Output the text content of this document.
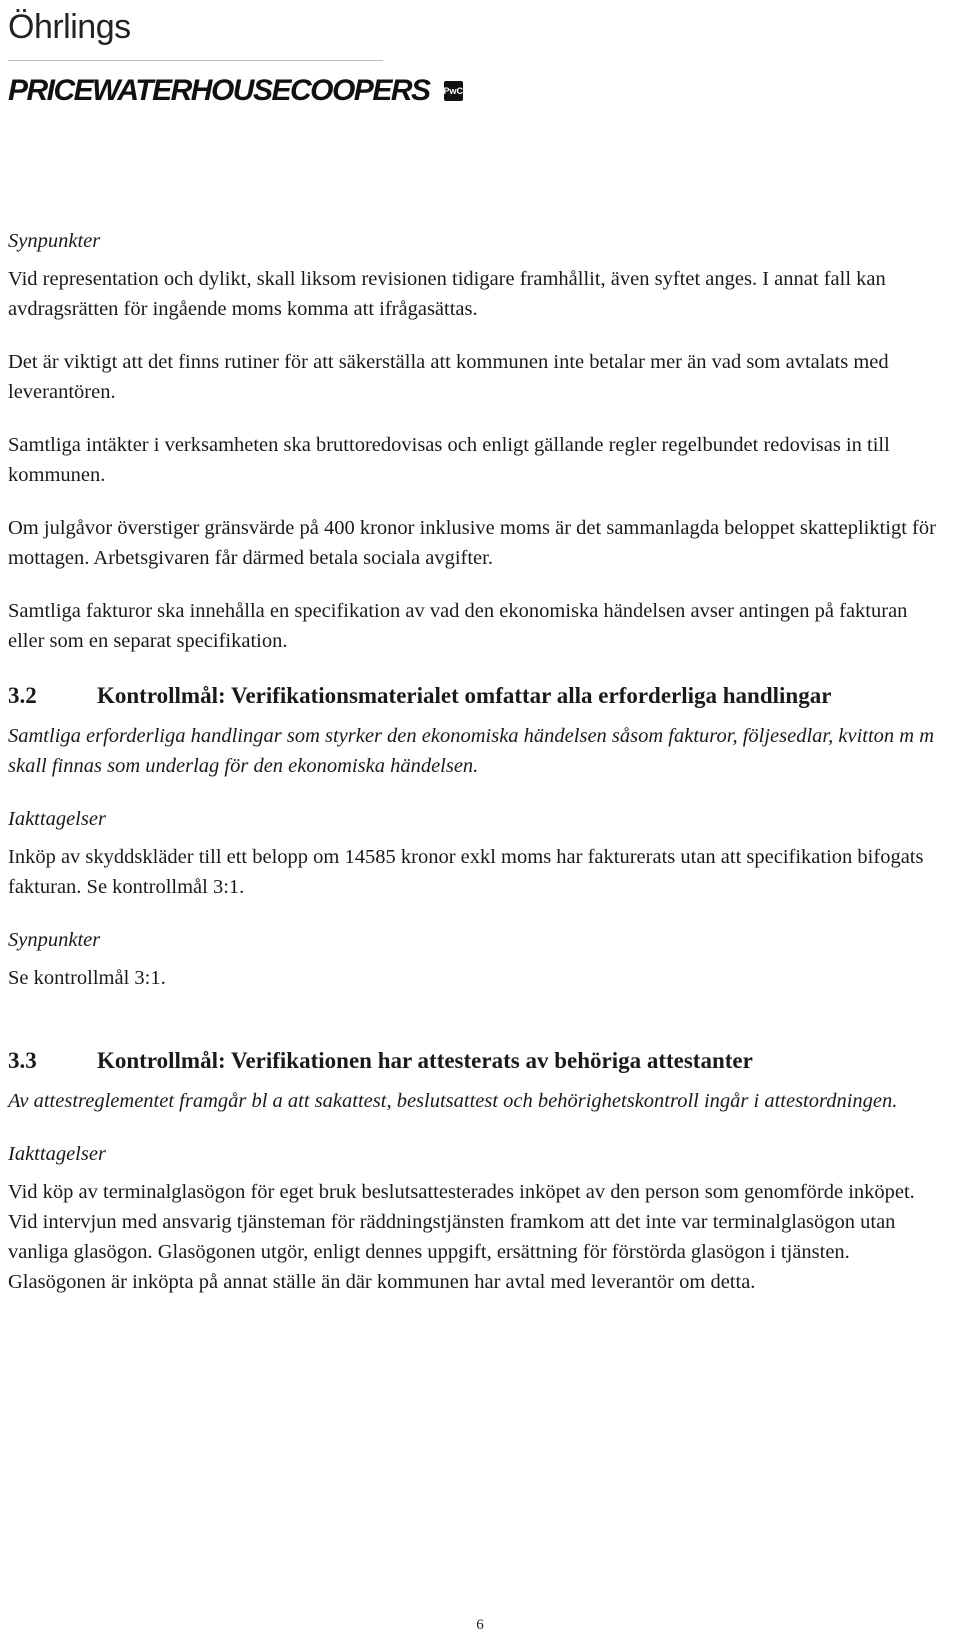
Öhrlings
PRICEWATERHOUSECOOPERS PwC
Synpunkter

Vid representation och dylikt, skall liksom revisionen tidigare framhållit, även syftet anges. I annat fall kan avdragsrätten för ingående moms komma att ifrågasättas.

Det är viktigt att det finns rutiner för att säkerställa att kommunen inte betalar mer än vad som avtalats med leverantören.

Samtliga intäkter i verksamheten ska bruttoredovisas och enligt gällande regler regelbundet redovisas in till kommunen.

Om julgåvor överstiger gränsvärde på 400 kronor inklusive moms är det sammanlagda beloppet skattepliktigt för mottagen. Arbetsgivaren får därmed betala sociala avgifter.

Samtliga fakturor ska innehålla en specifikation av vad den ekonomiska händelsen avser antingen på fakturan eller som en separat specifikation.

3.2	Kontrollmål: Verifikationsmaterialet omfattar alla erforderliga handlingar

Samtliga erforderliga handlingar som styrker den ekonomiska händelsen såsom fakturor, följesedlar, kvitton m m skall finnas som underlag för den ekonomiska händelsen.

Iakttagelser

Inköp av skyddskläder till ett belopp om 14585 kronor exkl moms har fakturerats utan att specifikation bifogats fakturan. Se kontrollmål 3:1.

Synpunkter

Se kontrollmål 3:1.

3.3	Kontrollmål: Verifikationen har attesterats av behöriga attestanter

Av attestreglementet framgår bl a att sakattest, beslutsattest och behörighetskontroll ingår i attestordningen.

Iakttagelser

Vid köp av terminalglasögon för eget bruk beslutsattesterades inköpet av den person som genomförde inköpet. Vid intervjun med ansvarig tjänsteman för räddningstjänsten framkom att det inte var terminalglasögon utan vanliga glasögon. Glasögonen utgör, enligt dennes uppgift, ersättning för förstörda glasögon i tjänsten. Glasögonen är inköpta på annat ställe än där kommunen har avtal med leverantör om detta.

6
